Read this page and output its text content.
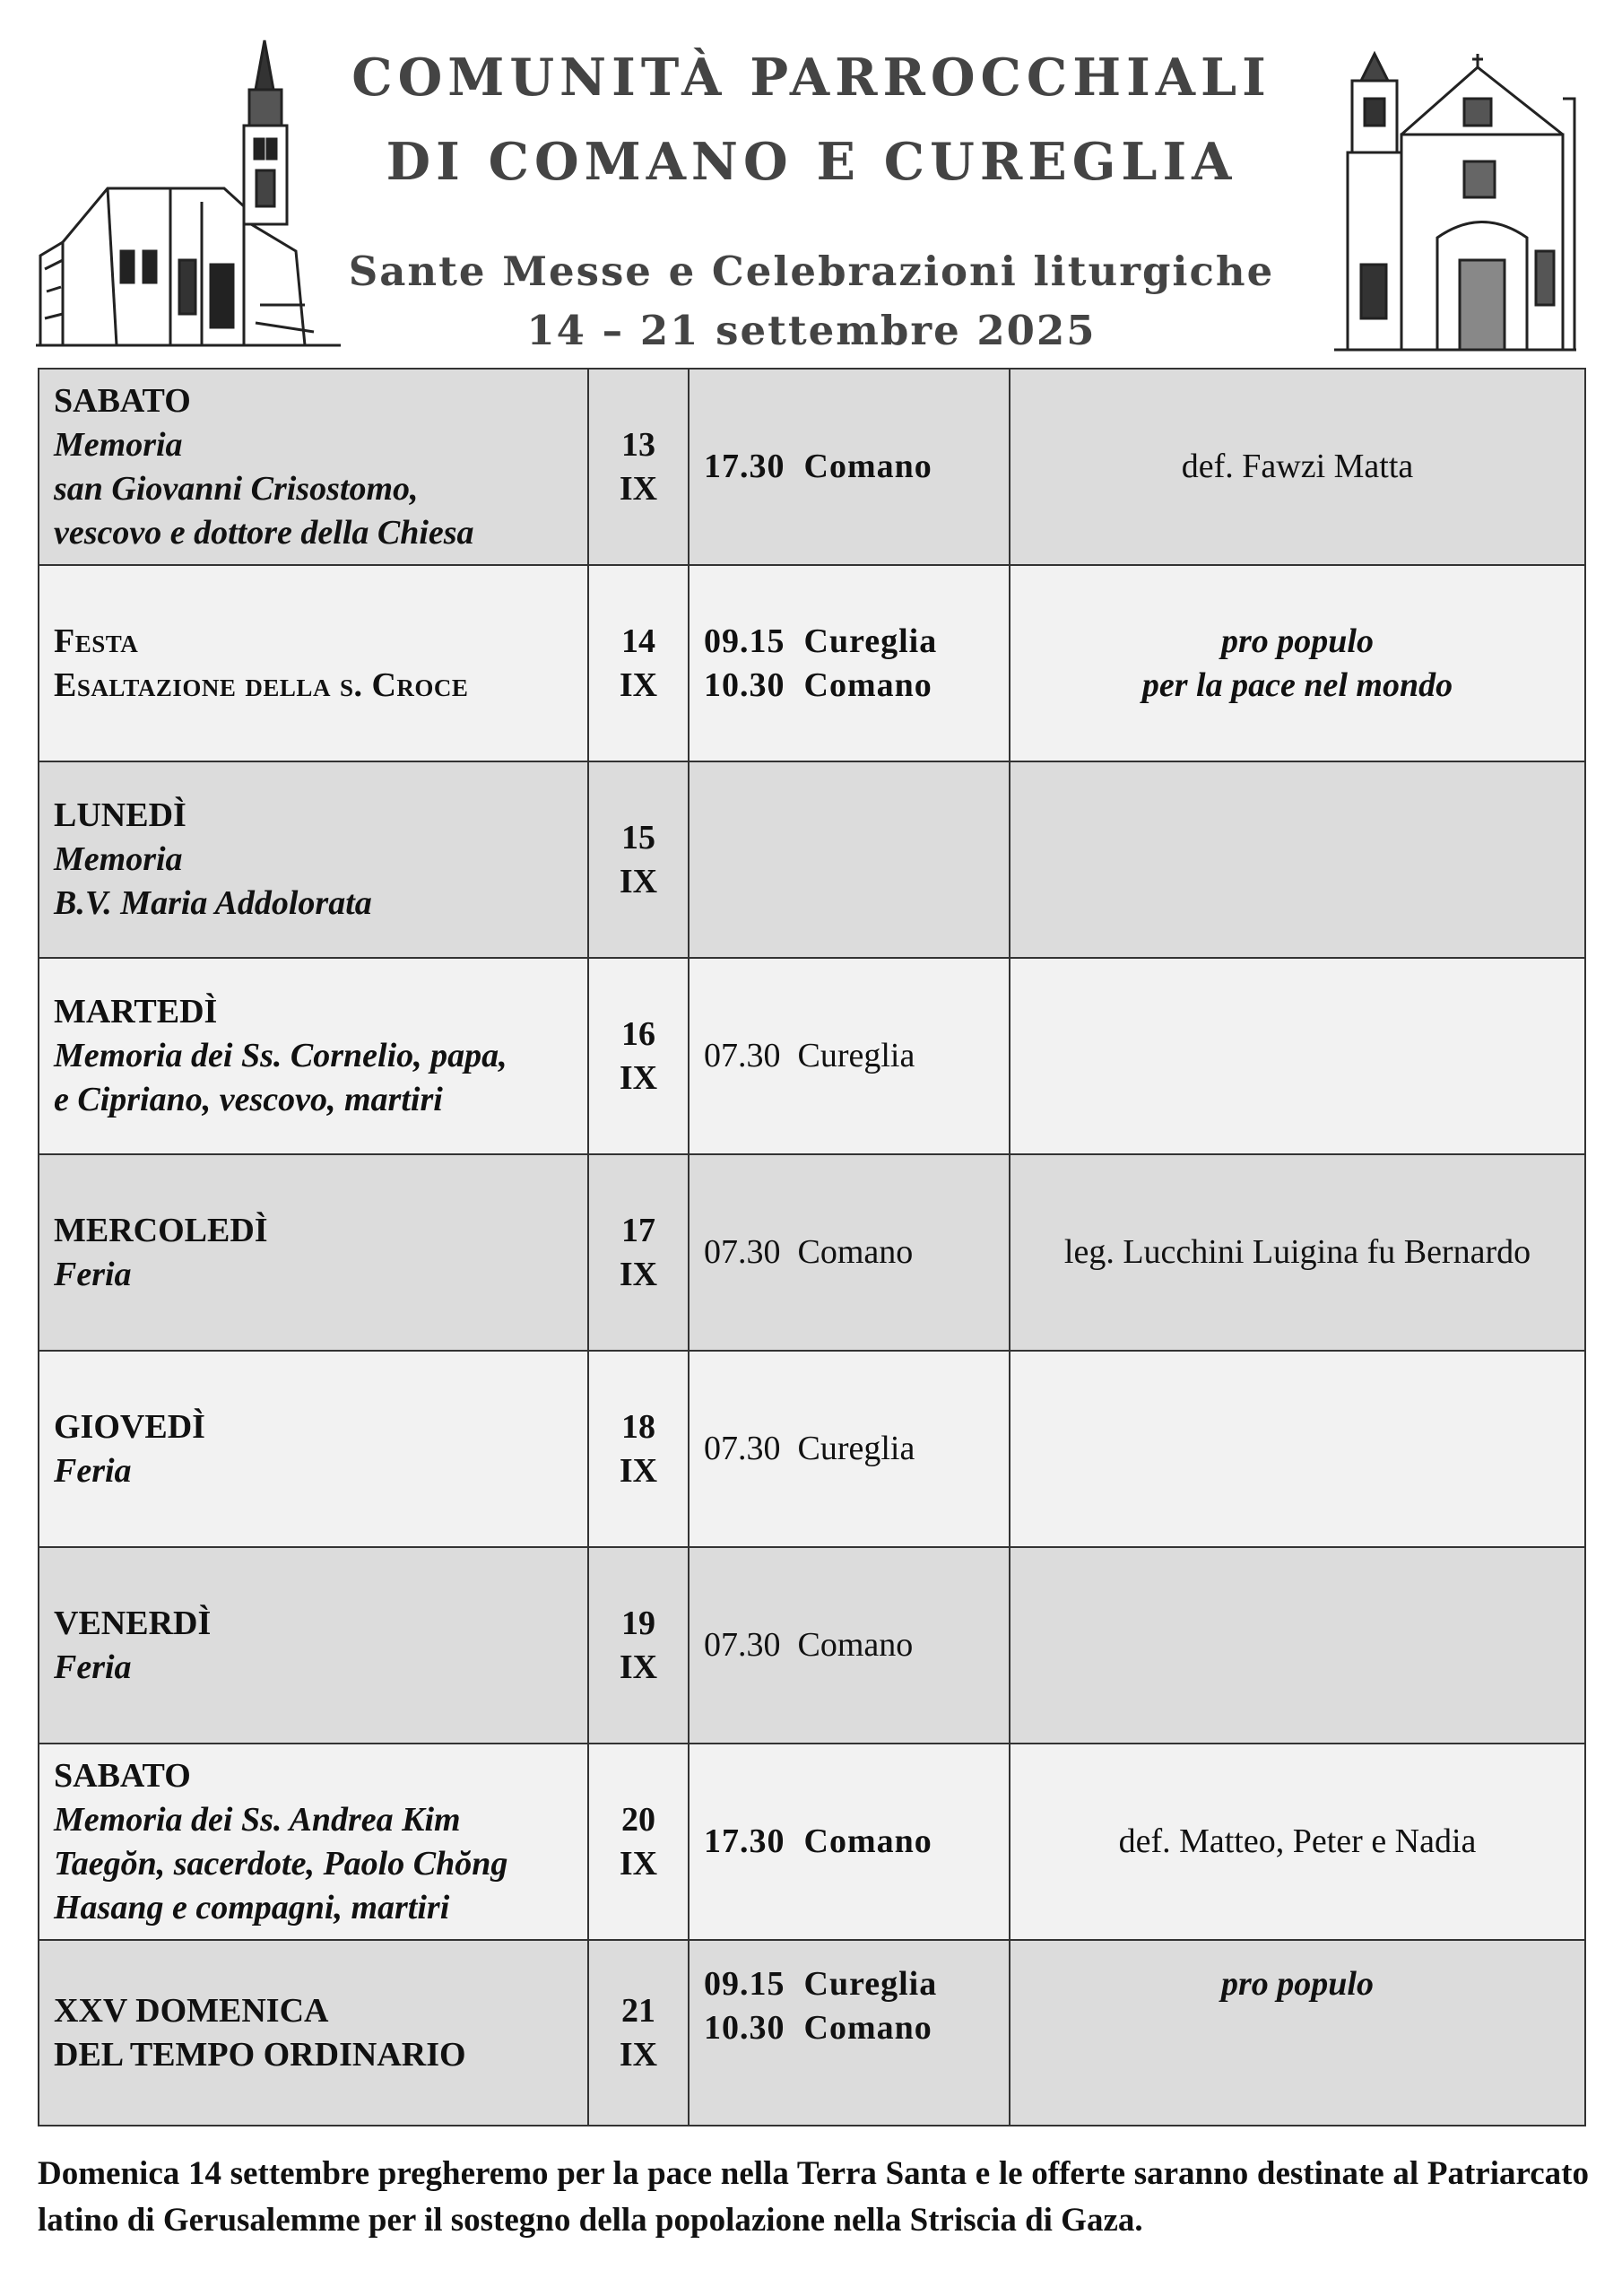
COMUNITÀ PARROCCHIALI
DI COMANO E CUREGLIA
Sante Messe e Celebrazioni liturgiche
14 – 21 settembre 2025
SABATO
Memoria
san Giovanni Crisostomo,
vescovo e dottore della Chiesa	13
IX	17.30  Comano	def. Fawzi Matta

Festa
Esaltazione della s. Croce	14
IX	09.15  Cureglia
10.30  Comano	pro populo
per la pace nel mondo

LUNEDÌ
Memoria
B.V. Maria Addolorata	15
IX		

MARTEDÌ
Memoria dei Ss. Cornelio, papa,
e Cipriano, vescovo, martiri	16
IX	07.30  Cureglia	

MERCOLEDÌ
Feria	17
IX	07.30  Comano	leg. Lucchini Luigina fu Bernardo

GIOVEDÌ
Feria	18
IX	07.30  Cureglia	

VENERDÌ
Feria	19
IX	07.30  Comano	

SABATO
Memoria dei Ss. Andrea Kim
Taegŏn, sacerdote, Paolo Chŏng
Hasang e compagni, martiri	20
IX	17.30  Comano	def. Matteo, Peter e Nadia

XXV DOMENICA
DEL TEMPO ORDINARIO	21
IX	09.15  Cureglia
10.30  Comano	pro populo
Domenica 14 settembre pregheremo per la pace nella Terra Santa e le offerte saranno destinate al Patriarcato latino di Gerusalemme per il sostegno della popolazione nella Striscia di Gaza.
